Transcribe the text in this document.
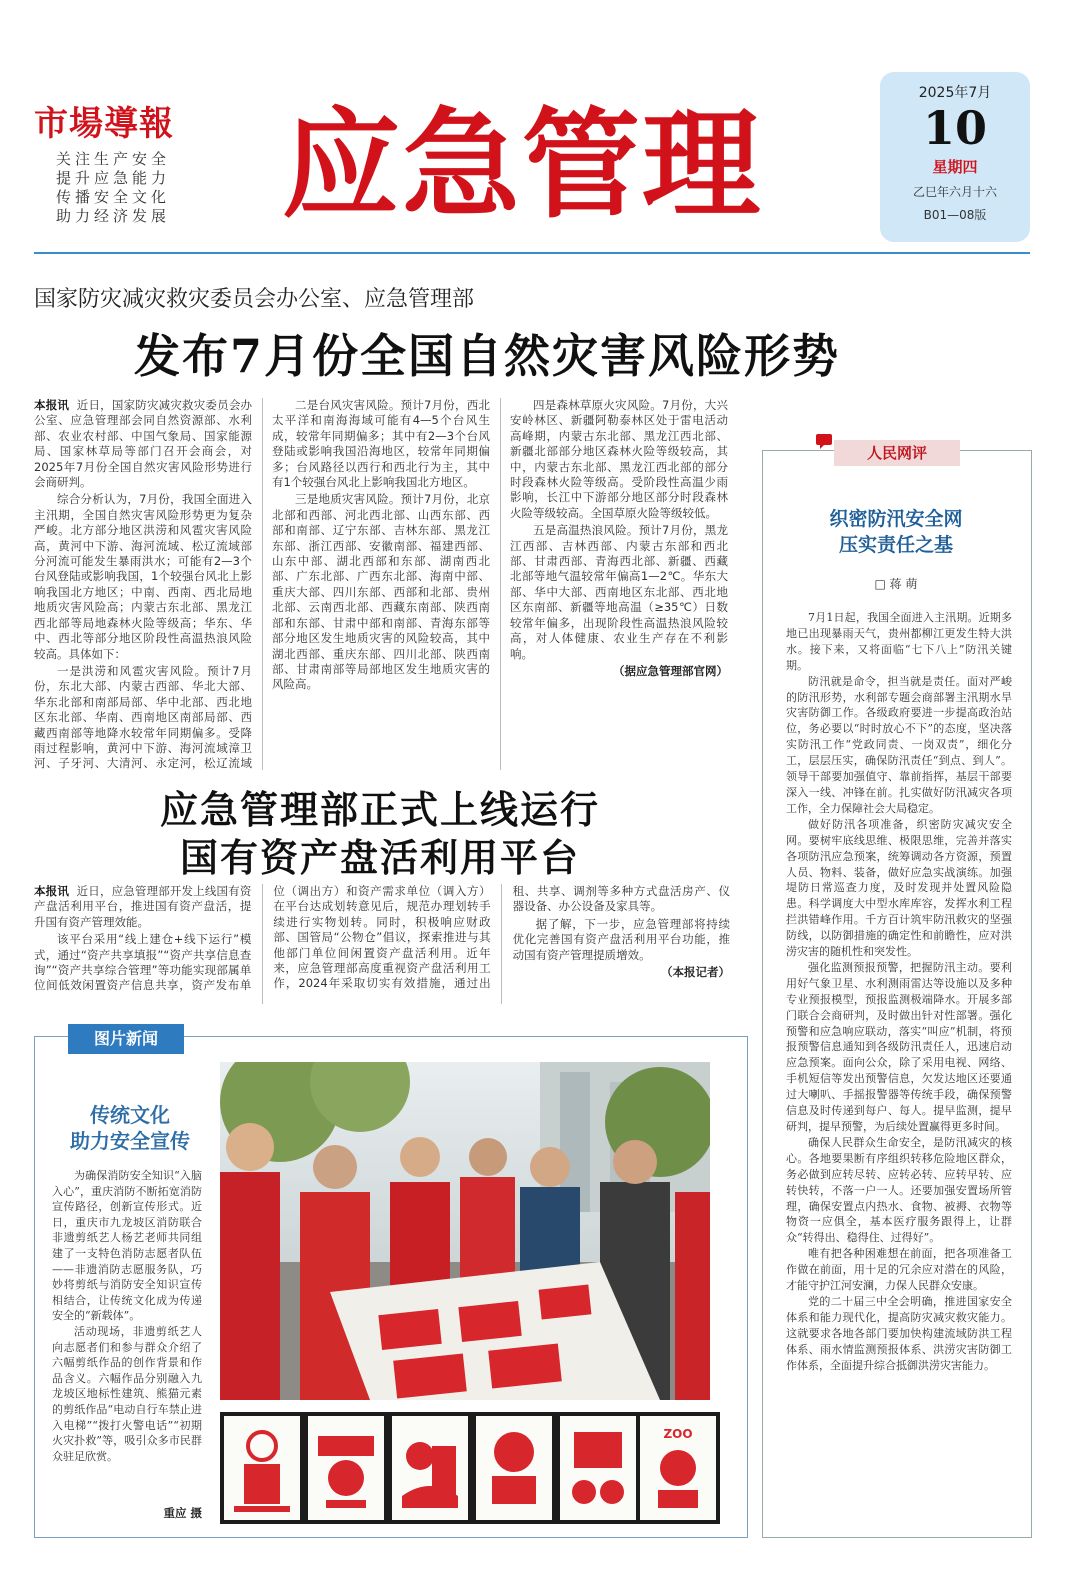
市場導報
关注生产安全
提升应急能力
传播安全文化
助力经济发展 应急管理
2025年7月
10
星期四
乙巳年六月十六
B01—08版
国家防灾减灾救灾委员会办公室、应急管理部
发布7月份全国自然灾害风险形势

本报讯 近日，国家防灾减灾救灾委员会办公室、应急管理部会同自然资源部、水利部、农业农村部、中国气象局、国家能源局、国家林草局等部门召开会商会，对2025年7月份全国自然灾害风险形势进行会商研判。

综合分析认为，7月份，我国全面进入主汛期，全国自然灾害风险形势更为复杂严峻。北方部分地区洪涝和风雹灾害风险高，黄河中下游、海河流域、松辽流域部分河流可能发生暴雨洪水；可能有2—3个台风登陆或影响我国，1个较强台风北上影响我国北方地区；中南、西南、西北局地地质灾害风险高；内蒙古东北部、黑龙江西北部等局地森林火险等级高；华东、华中、西北等部分地区阶段性高温热浪风险较高。具体如下：

一是洪涝和风雹灾害风险。预计7月份，东北大部、内蒙古西部、华北大部、华东北部和南部局部、华中北部、西北地区东北部、华南、西南地区南部局部、西藏西南部等地降水较常年同期偏多。受降雨过程影响，黄河中下游、海河流域漳卫河、子牙河、大清河、永定河，松辽流域

二是台风灾害风险。预计7月份，西北太平洋和南海海域可能有4—5个台风生成，较常年同期偏多；其中有2—3个台风登陆或影响我国沿海地区，较常年同期偏多；台风路径以西行和西北行为主，其中有1个较强台风北上影响我国北方地区。

三是地质灾害风险。预计7月份，北京北部和西部、河北西北部、山西东部、西部和南部、辽宁东部、吉林东部、黑龙江东部、浙江西部、安徽南部、福建西部、山东中部、湖北西部和东部、湖南西北部、广东北部、广西东北部、海南中部、重庆大部、四川东部、西部和北部、贵州北部、云南西北部、西藏东南部、陕西南部和东部、甘肃中部和南部、青海东部等部分地区发生地质灾害的风险较高，其中湖北西部、重庆东部、四川北部、陕西南部、甘肃南部等局部地区发生地质灾害的风险高。

四是森林草原火灾风险。7月份，大兴安岭林区、新疆阿勒泰林区处于雷电活动高峰期，内蒙古东北部、黑龙江西北部、新疆北部部分地区森林火险等级较高，其中，内蒙古东北部、黑龙江西北部的部分时段森林火险等级高。受阶段性高温少雨影响，长江中下游部分地区部分时段森林火险等级较高。全国草原火险等级较低。

五是高温热浪风险。预计7月份，黑龙江西部、吉林西部、内蒙古东部和西北部、甘肃西部、青海西北部、新疆、西藏北部等地气温较常年偏高1—2℃。华东大部、华中大部、西南地区东北部、西北地区东南部、新疆等地高温（≥35℃）日数较常年偏多，出现阶段性高温热浪风险较高，对人体健康、农业生产存在不利影响。

（据应急管理部官网）
应急管理部正式上线运行
国有资产盘活利用平台

本报讯 近日，应急管理部开发上线国有资产盘活利用平台，推进国有资产盘活，提升国有资产管理效能。

该平台采用“线上建仓+线下运行”模式，通过“资产共享填报”“资产共享信息查询”“资产共享综合管理”等功能实现部属单位间低效闲置资产信息共享，资产发布单位（调出方）和资产需求单位（调入方）在平台达成划转意见后，规范办理划转手续进行实物划转。同时，积极响应财政部、国管局“公物仓”倡议，探索推进与其他部门单位间闲置资产盘活利用。近年来，应急管理部高度重视资产盘活利用工作，2024年采取切实有效措施，通过出租、共享、调剂等多种方式盘活房产、仪器设备、办公设备及家具等。

据了解，下一步，应急管理部将持续优化完善国有资产盘活利用平台功能，推动国有资产管理提质增效。

（本报记者）
图片新闻
传统文化
助力安全宣传

为确保消防安全知识“入脑入心”，重庆消防不断拓宽消防宣传路径，创新宣传形式。近日，重庆市九龙坡区消防联合非遗剪纸艺人杨艺老师共同组建了一支特色消防志愿者队伍——非遗消防志愿服务队，巧妙将剪纸与消防安全知识宣传相结合，让传统文化成为传递安全的“新载体”。

活动现场，非遗剪纸艺人向志愿者们和参与群众介绍了六幅剪纸作品的创作背景和作品含义。六幅作品分别融入九龙坡区地标性建筑、熊猫元素的剪纸作品“电动自行车禁止进入电梯”“拨打火警电话”“初期火灾扑救”等，吸引众多市民群众驻足欣赏。

重应 摄
ZOO
人民网评
织密防汛安全网
压实责任之基
□ 蒋 萌

7月1日起，我国全面进入主汛期。近期多地已出现暴雨天气，贵州都柳江更发生特大洪水。接下来，又将面临“七下八上”防汛关键期。

防汛就是命令，担当就是责任。面对严峻的防汛形势，水利部专题会商部署主汛期水旱灾害防御工作。各级政府要进一步提高政治站位，务必要以“时时放心不下”的态度，坚决落实防汛工作“党政同责、一岗双责”，细化分工，层层压实，确保防汛责任“到点、到人”。领导干部要加强值守、靠前指挥，基层干部要深入一线、冲锋在前。扎实做好防汛减灾各项工作，全力保障社会大局稳定。

做好防汛各项准备，织密防灾减灾安全网。要树牢底线思维、极限思维，完善并落实各项防汛应急预案，统筹调动各方资源，预置人员、物料、装备，做好应急实战演练。加强堤防日常巡查力度，及时发现并处置风险隐患。科学调度大中型水库库容，发挥水利工程拦洪错峰作用。千方百计筑牢防汛救灾的坚强防线，以防御措施的确定性和前瞻性，应对洪涝灾害的随机性和突发性。

强化监测预报预警，把握防汛主动。要利用好气象卫星、水利测雨雷达等设施以及多种专业预报模型，预报监测极端降水。开展多部门联合会商研判，及时做出针对性部署。强化预警和应急响应联动，落实“叫应”机制，将预报预警信息通知到各级防汛责任人，迅速启动应急预案。面向公众，除了采用电视、网络、手机短信等发出预警信息，欠发达地区还要通过大喇叭、手摇报警器等传统手段，确保预警信息及时传递到每户、每人。提早监测，提早研判，提早预警，为后续处置赢得更多时间。

确保人民群众生命安全，是防汛减灾的核心。各地要果断有序组织转移危险地区群众，务必做到应转尽转、应转必转、应转早转、应转快转，不落一户一人。还要加强安置场所管理，确保安置点内热水、食物、被褥、衣物等物资一应俱全，基本医疗服务跟得上，让群众“转得出、稳得住、过得好”。

唯有把各种困难想在前面，把各项准备工作做在前面，用十足的冗余应对潜在的风险，才能守护江河安澜，力保人民群众安康。

党的二十届三中全会明确，推进国家安全体系和能力现代化，提高防灾减灾救灾能力。这就要求各地各部门要加快构建流域防洪工程体系、雨水情监测预报体系、洪涝灾害防御工作体系，全面提升综合抵御洪涝灾害能力。
